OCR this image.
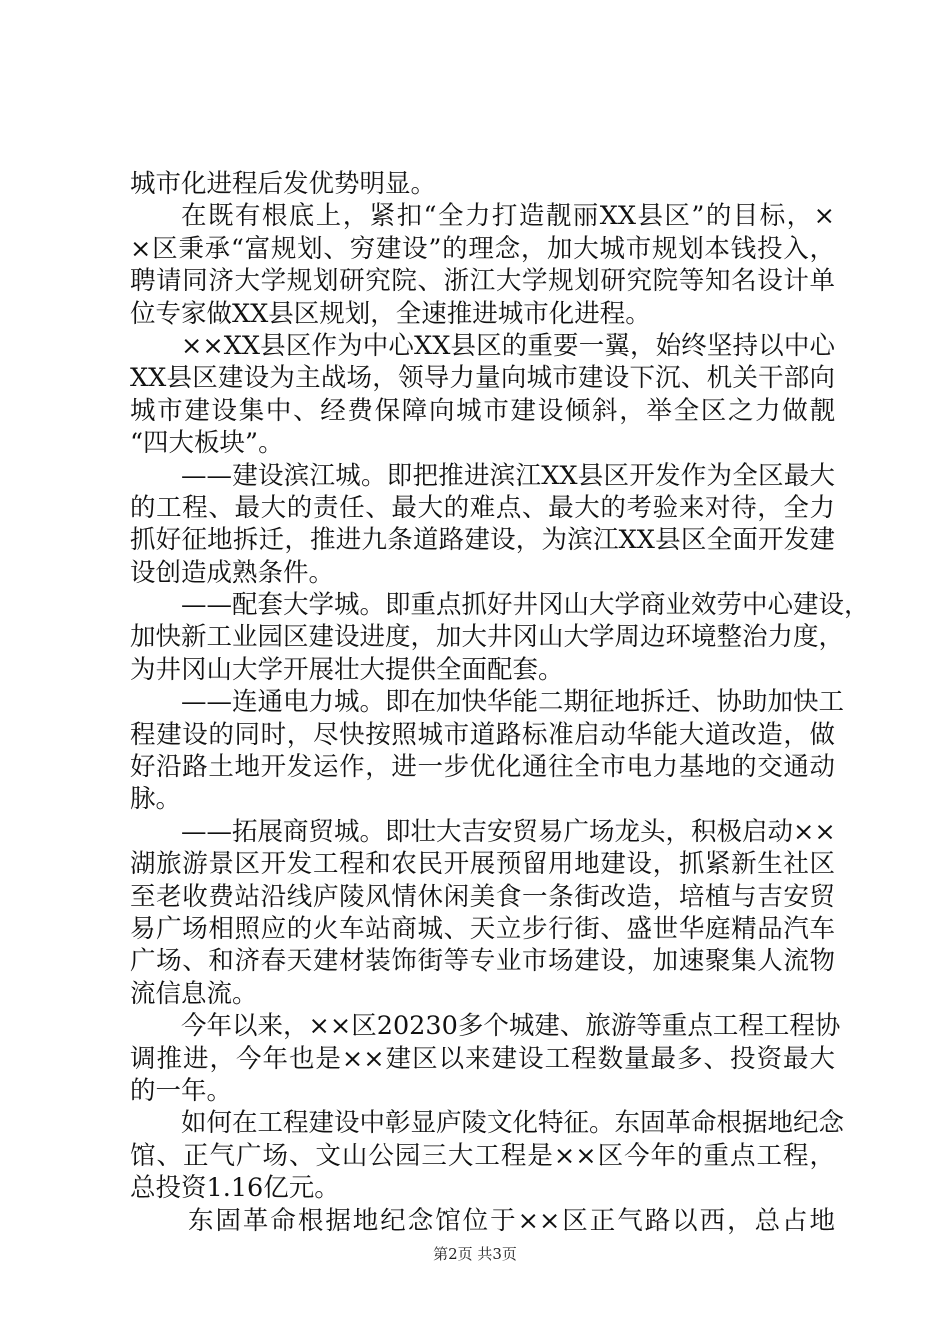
城市化进程后发优势明显。

在既有根底上，紧扣“全力打造靓丽XX县区”的目标，×
×区秉承“富规划、穷建设”的理念，加大城市规划本钱投入，
聘请同济大学规划研究院、浙江大学规划研究院等知名设计单
位专家做XX县区规划，全速推进城市化进程。

××XX县区作为中心XX县区的重要一翼，始终坚持以中心
XX县区建设为主战场，领导力量向城市建设下沉、机关干部向
城市建设集中、经费保障向城市建设倾斜，举全区之力做靓
“四大板块”。

——建设滨江城。即把推进滨江XX县区开发作为全区最大
的工程、最大的责任、最大的难点、最大的考验来对待，全力
抓好征地拆迁，推进九条道路建设，为滨江XX县区全面开发建
设创造成熟条件。

——配套大学城。即重点抓好井冈山大学商业效劳中心建设，
加快新工业园区建设进度，加大井冈山大学周边环境整治力度，
为井冈山大学开展壮大提供全面配套。

——连通电力城。即在加快华能二期征地拆迁、协助加快工
程建设的同时，尽快按照城市道路标准启动华能大道改造，做
好沿路土地开发运作，进一步优化通往全市电力基地的交通动
脉。

——拓展商贸城。即壮大吉安贸易广场龙头，积极启动××
湖旅游景区开发工程和农民开展预留用地建设，抓紧新生社区
至老收费站沿线庐陵风情休闲美食一条街改造，培植与吉安贸
易广场相照应的火车站商城、天立步行街、盛世华庭精品汽车
广场、和济春天建材装饰街等专业市场建设，加速聚集人流物
流信息流。

今年以来，××区20230多个城建、旅游等重点工程工程协
调推进，今年也是××建区以来建设工程数量最多、投资最大
的一年。

如何在工程建设中彰显庐陵文化特征。东固革命根据地纪念
馆、正气广场、文山公园三大工程是××区今年的重点工程，
总投资1.16亿元。

东固革命根据地纪念馆位于××区正气路以西，总占地

第2页 共3页
